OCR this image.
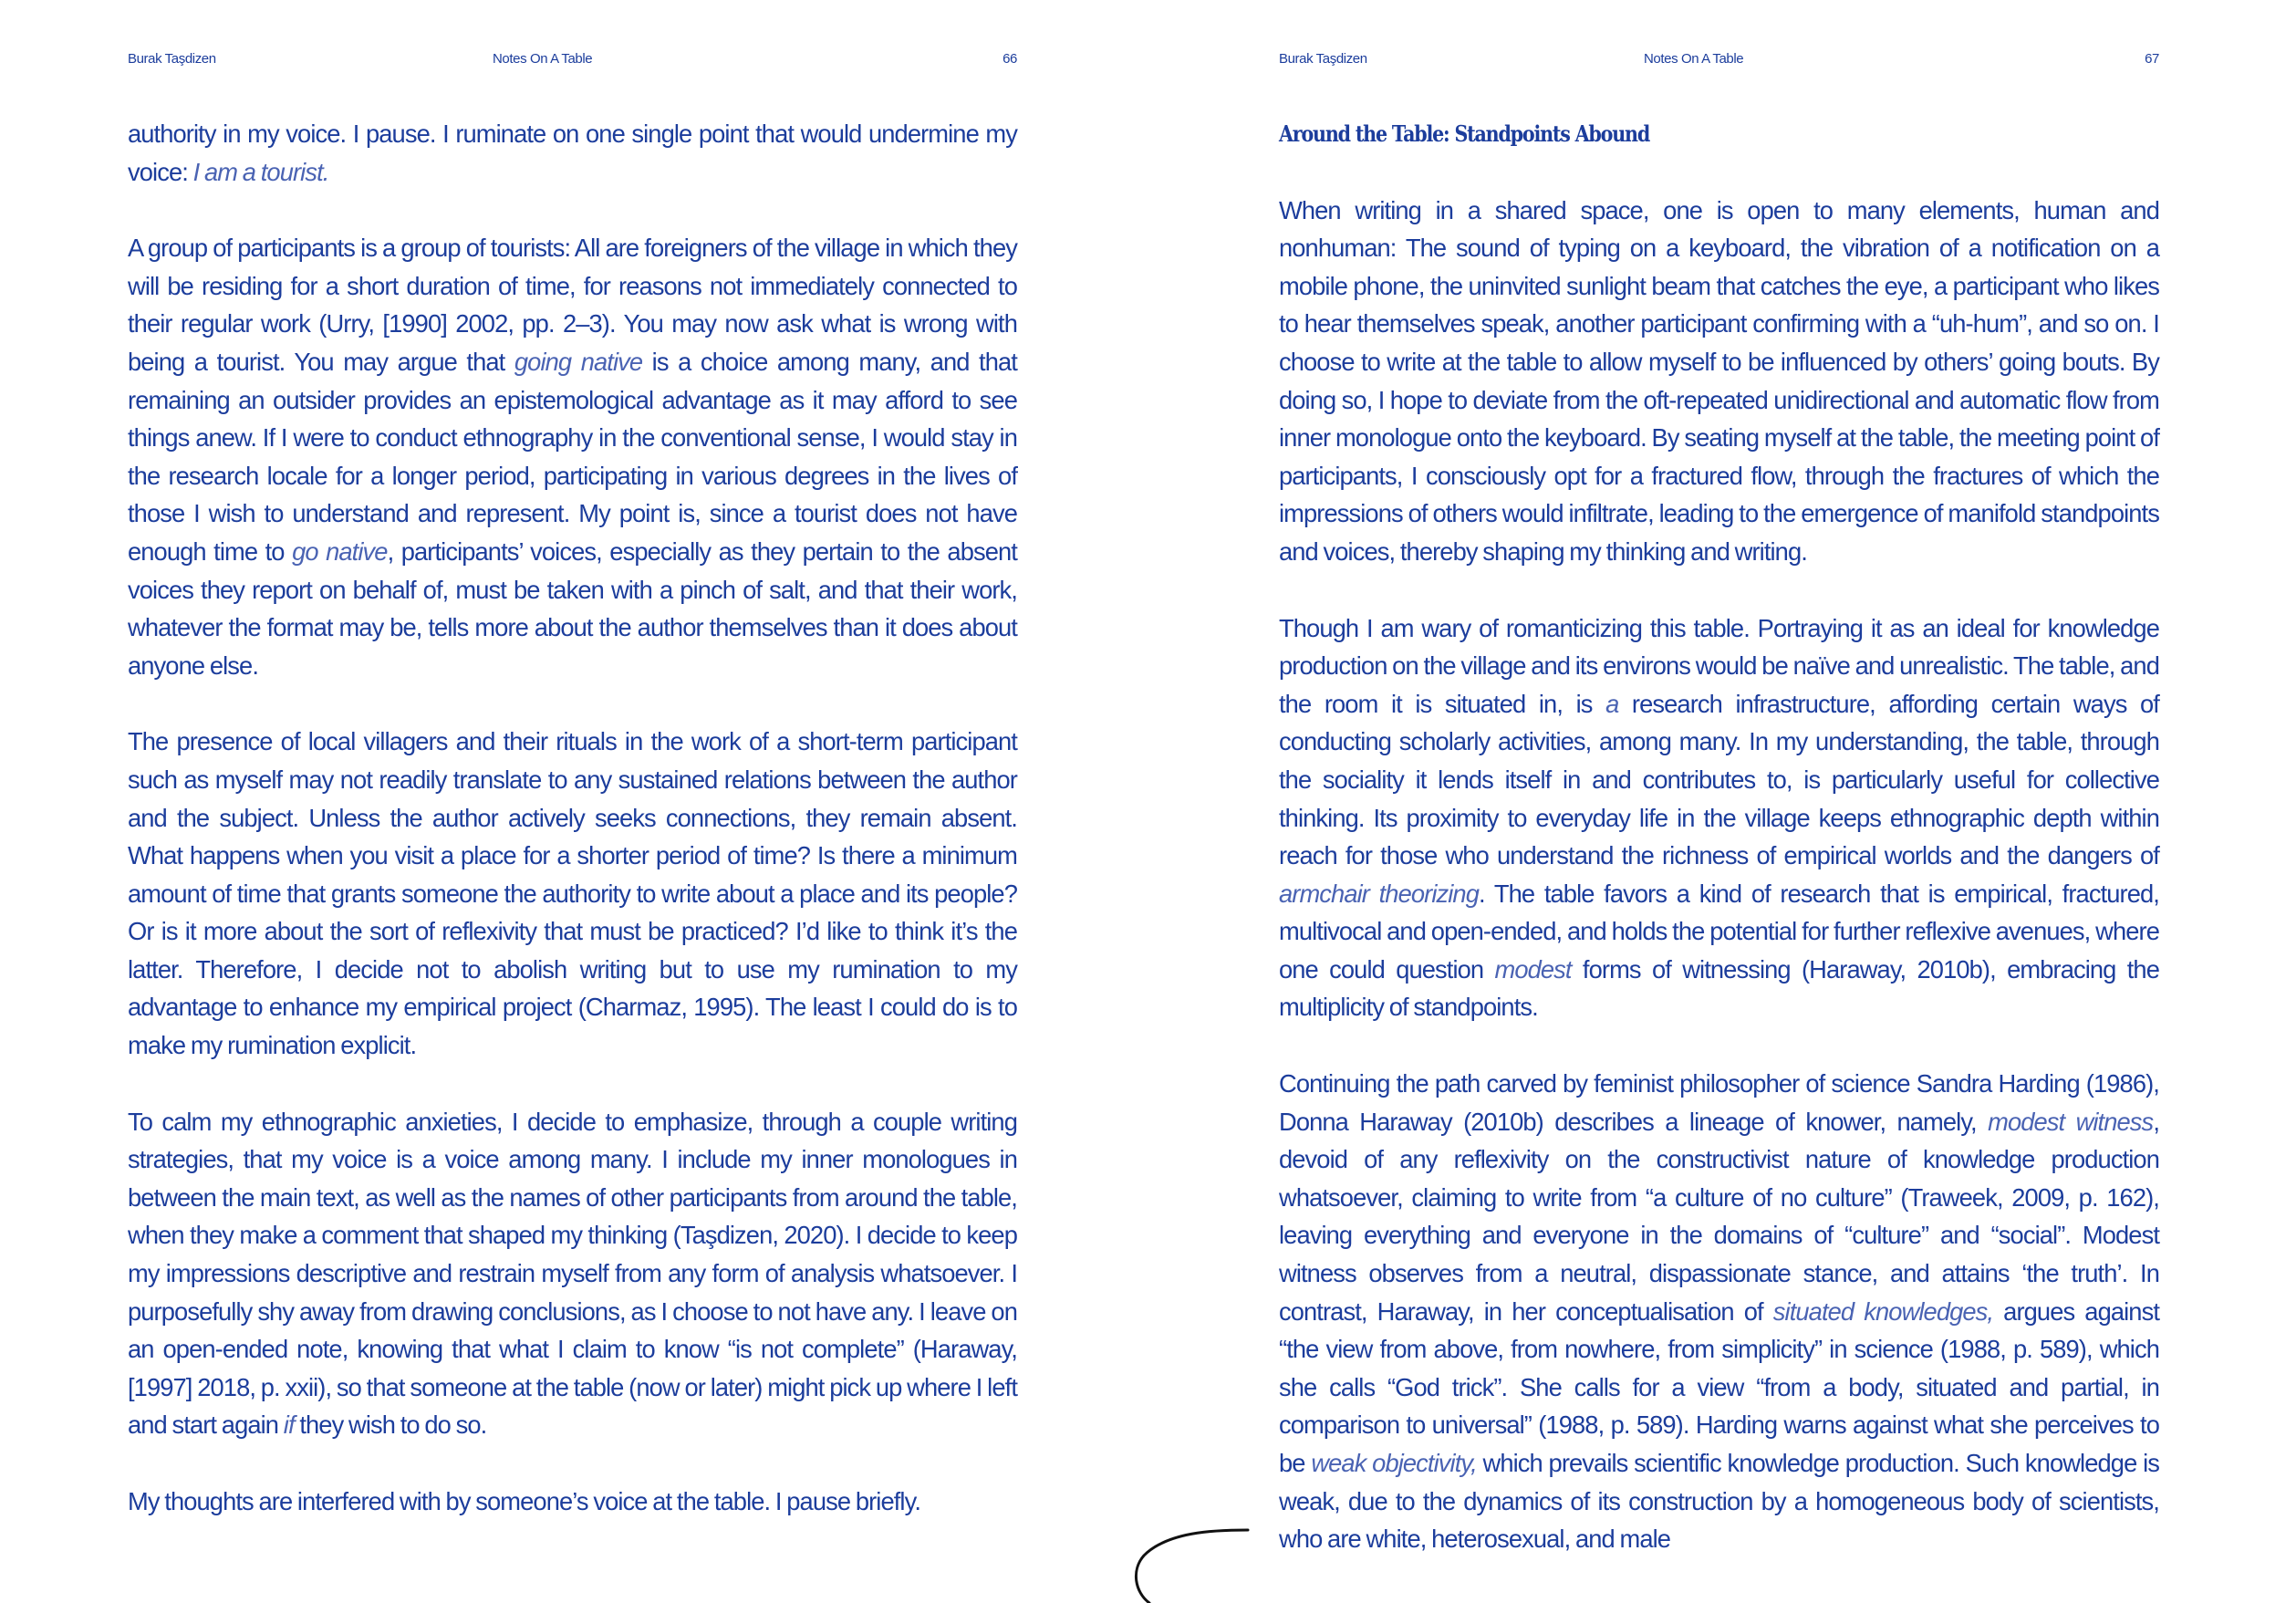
Burak Taşdizen	Notes On A Table	66

authority in my voice. I pause. I ruminate on one single point that would undermine my voice: I am a tourist.

A group of participants is a group of tourists: All are foreigners of the village in which they will be residing for a short duration of time, for reasons not immediately connected to their regular work (Urry, [1990] 2002, pp. 2–3). You may now ask what is wrong with being a tourist. You may argue that going native is a choice among many, and that remaining an outsider provides an epistemological advantage as it may afford to see things anew. If I were to conduct ethnography in the conventional sense, I would stay in the research locale for a longer period, participating in various degrees in the lives of those I wish to understand and represent. My point is, since a tourist does not have enough time to go native, participants’ voices, especially as they pertain to the absent voices they report on behalf of, must be taken with a pinch of salt, and that their work, whatever the format may be, tells more about the author themselves than it does about anyone else.

The presence of local villagers and their rituals in the work of a short-term participant such as myself may not readily translate to any sustained relations between the author and the subject. Unless the author actively seeks connections, they remain absent. What happens when you visit a place for a shorter period of time? Is there a minimum amount of time that grants someone the authority to write about a place and its people? Or is it more about the sort of reflexivity that must be practiced? I’d like to think it’s the latter. Therefore, I decide not to abolish writing but to use my rumination to my advantage to enhance my empirical project (Charmaz, 1995). The least I could do is to make my rumination explicit.

To calm my ethnographic anxieties, I decide to emphasize, through a couple writing strategies, that my voice is a voice among many. I include my inner monologues in between the main text, as well as the names of other participants from around the table, when they make a comment that shaped my thinking (Taşdizen, 2020). I decide to keep my impressions descriptive and restrain myself from any form of analysis whatsoever. I purposefully shy away from drawing conclusions, as I choose to not have any. I leave on an open-ended note, knowing that what I claim to know “is not complete” (Haraway, [1997] 2018, p. xxii), so that someone at the table (now or later) might pick up where I left and start again if they wish to do so.

My thoughts are interfered with by someone’s voice at the table. I pause briefly.

Burak Taşdizen	Notes On A Table	67
Around the Table: Standpoints Abound

When writing in a shared space, one is open to many elements, human and nonhuman: The sound of typing on a keyboard, the vibration of a notification on a mobile phone, the uninvited sunlight beam that catches the eye, a participant who likes to hear themselves speak, another participant confirming with a “uh-hum”, and so on. I choose to write at the table to allow myself to be influenced by others’ going bouts. By doing so, I hope to deviate from the oft-repeated unidirectional and automatic flow from inner monologue onto the keyboard. By seating myself at the table, the meeting point of participants, I consciously opt for a fractured flow, through the fractures of which the impressions of others would infiltrate, leading to the emergence of manifold standpoints and voices, thereby shaping my thinking and writing.

Though I am wary of romanticizing this table. Portraying it as an ideal for knowledge production on the village and its environs would be naïve and unrealistic. The table, and the room it is situated in, is a research infrastructure, affording certain ways of conducting scholarly activities, among many. In my understanding, the table, through the sociality it lends itself in and contributes to, is particularly useful for collective thinking. Its proximity to everyday life in the village keeps ethnographic depth within reach for those who understand the richness of empirical worlds and the dangers of armchair theorizing. The table favors a kind of research that is empirical, fractured, multivocal and open-ended, and holds the potential for further reflexive avenues, where one could question modest forms of witnessing (Haraway, 2010b), embracing the multiplicity of standpoints.

Continuing the path carved by feminist philosopher of science Sandra Harding (1986), Donna Haraway (2010b) describes a lineage of knower, namely, modest witness, devoid of any reflexivity on the constructivist nature of knowledge production whatsoever, claiming to write from “a culture of no culture” (Traweek, 2009, p. 162), leaving everything and everyone in the domains of “culture” and “social”. Modest witness observes from a neutral, dispassionate stance, and attains ‘the truth’. In contrast, Haraway, in her conceptualisation of situated knowledges, argues against “the view from above, from nowhere, from simplicity” in science (1988, p. 589), which she calls “God trick”. She calls for a view “from a body, situated and partial, in comparison to universal” (1988, p. 589). Harding warns against what she perceives to be weak objectivity, which prevails scientific knowledge production. Such knowledge is weak, due to the dynamics of its construction by a homogeneous body of scientists, who are white, heterosexual, and male
